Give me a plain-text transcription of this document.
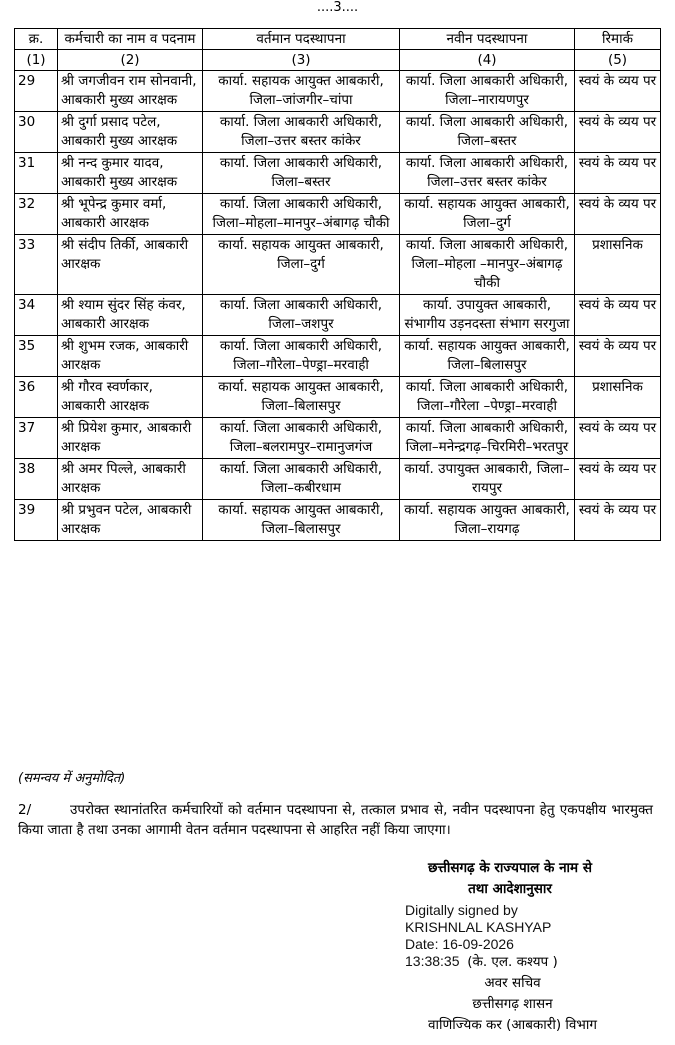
....3....
क्र.	कर्मचारी का नाम व पदनाम	वर्तमान पदस्थापना	नवीन पदस्थापना	रिमार्क
(1)	(2)	(3)	(4)	(5)
29	श्री जगजीवन राम सोनवानी, आबकारी मुख्य आरक्षक	कार्या. सहायक आयुक्त आबकारी, जिला–जांजगीर–चांपा	कार्या. जिला आबकारी अधिकारी, जिला–नारायणपुर	स्वयं के व्यय पर
30	श्री दुर्गा प्रसाद पटेल, आबकारी मुख्य आरक्षक	कार्या. जिला आबकारी अधिकारी, जिला–उत्तर बस्तर कांकेर	कार्या. जिला आबकारी अधिकारी, जिला–बस्तर	स्वयं के व्यय पर
31	श्री नन्द कुमार यादव, आबकारी मुख्य आरक्षक	कार्या. जिला आबकारी अधिकारी, जिला–बस्तर	कार्या. जिला आबकारी अधिकारी, जिला–उत्तर बस्तर कांकेर	स्वयं के व्यय पर
32	श्री भूपेन्द्र कुमार वर्मा, आबकारी आरक्षक	कार्या. जिला आबकारी अधिकारी, जिला–मोहला–मानपुर–अंबागढ़ चौकी	कार्या. सहायक आयुक्त आबकारी, जिला–दुर्ग	स्वयं के व्यय पर
33	श्री संदीप तिर्की, आबकारी आरक्षक	कार्या. सहायक आयुक्त आबकारी, जिला–दुर्ग	कार्या. जिला आबकारी अधिकारी, जिला–मोहला –मानपुर–अंबागढ़ चौकी	प्रशासनिक
34	श्री श्याम सुंदर सिंह कंवर, आबकारी आरक्षक	कार्या. जिला आबकारी अधिकारी, जिला–जशपुर	कार्या. उपायुक्त आबकारी, संभागीय उड़नदस्ता संभाग सरगुजा	स्वयं के व्यय पर
35	श्री शुभम रजक, आबकारी आरक्षक	कार्या. जिला आबकारी अधिकारी, जिला–गौरेला–पेण्ड्रा–मरवाही	कार्या. सहायक आयुक्त आबकारी, जिला–बिलासपुर	स्वयं के व्यय पर
36	श्री गौरव स्वर्णकार, आबकारी आरक्षक	कार्या. सहायक आयुक्त आबकारी, जिला–बिलासपुर	कार्या. जिला आबकारी अधिकारी, जिला–गौरेला –पेण्ड्रा–मरवाही	प्रशासनिक
37	श्री प्रियेश कुमार, आबकारी आरक्षक	कार्या. जिला आबकारी अधिकारी, जिला–बलरामपुर–रामानुजगंज	कार्या. जिला आबकारी अधिकारी, जिला–मनेन्द्रगढ़–चिरमिरी–भरतपुर	स्वयं के व्यय पर
38	श्री अमर पिल्ले, आबकारी आरक्षक	कार्या. जिला आबकारी अधिकारी, जिला–कबीरधाम	कार्या. उपायुक्त आबकारी, जिला–रायपुर	स्वयं के व्यय पर
39	श्री प्रभुवन पटेल, आबकारी आरक्षक	कार्या. सहायक आयुक्त आबकारी, जिला–बिलासपुर	कार्या. सहायक आयुक्त आबकारी, जिला–रायगढ़	स्वयं के व्यय पर
(समन्वय में अनुमोदित)
2/	उपरोक्त स्थानांतरित कर्मचारियों को वर्तमान पदस्थापना से, तत्काल प्रभाव से, नवीन पदस्थापना हेतु एकपक्षीय भारमुक्त किया जाता है तथा उनका आगामी वेतन वर्तमान पदस्थापना से आहरित नहीं किया जाएगा।
छत्तीसगढ़ के राज्यपाल के नाम से
तथा आदेशानुसार
Digitally signed by
KRISHNLAL KASHYAP
Date: 16-09-2026
13:38:35 (के. एल. कश्यप )
अवर सचिव
छत्तीसगढ़ शासन
वाणिज्यिक कर (आबकारी) विभाग
